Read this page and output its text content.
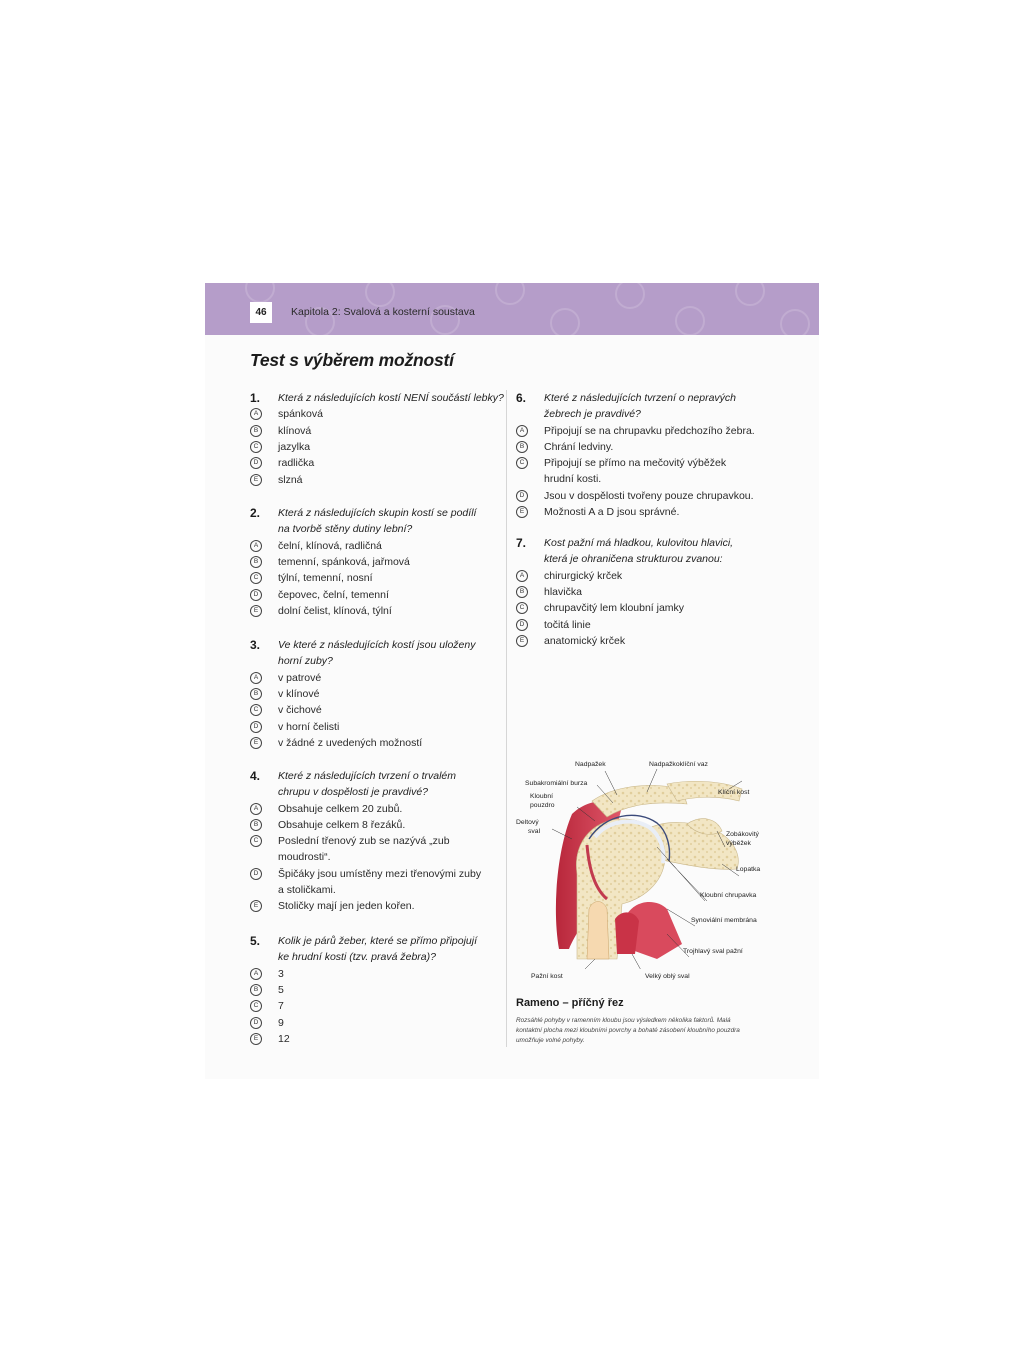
46	Kapitola 2: Svalová a kosterní soustava
Test s výběrem možností
1. Která z následujících kostí NENÍ součástí lebky?
A	spánková
B	klínová
C	jazylka
D	radlička
E	slzná
2. Která z následujících skupin kostí se podílí
na tvorbě stěny dutiny lební?
A	čelní, klínová, radličná
B	temenní, spánková, jařmová
C	týlní, temenní, nosní
D	čepovec, čelní, temenní
E	dolní čelist, klínová, týlní
3. Ve které z následujících kostí jsou uloženy
horní zuby?
A	v patrové
B	v klínové
C	v čichové
D	v horní čelisti
E	v žádné z uvedených možností
4. Které z následujících tvrzení o trvalém
chrupu v dospělosti je pravdivé?
A	Obsahuje celkem 20 zubů.
B	Obsahuje celkem 8 řezáků.
C	Poslední třenový zub se nazývá „zub
moudrosti“.
D	Špičáky jsou umístěny mezi třenovými zuby
a stoličkami.
E	Stoličky mají jen jeden kořen.
5. Kolik je párů žeber, které se přímo připojují
ke hrudní kosti (tzv. pravá žebra)?
A	3
B	5
C	7
D	9
E	12
6. Které z následujících tvrzení o nepravých
žebrech je pravdivé?
A	Připojují se na chrupavku předchozího žebra.
B	Chrání ledviny.
C	Připojují se přímo na mečovitý výběžek
hrudní kosti.
D	Jsou v dospělosti tvořeny pouze chrupavkou.
E	Možnosti A a D jsou správné.
7. Kost pažní má hladkou, kulovitou hlavici,
která je ohraničena strukturou zvanou:
A	chirurgický krček
B	hlavička
C	chrupavčitý lem kloubní jamky
D	točitá linie
E	anatomický krček
Nadpažek	Nadpažkoklíční vaz
Subakromiální burza
Klíční kost
Kloubní
pouzdro
Deltový
sval	Zobákovitý
výběžek
Lopatka
Kloubní chrupavka
Synoviální membrána
Trojhlavý sval pažní
Pažní kost	Velký oblý sval
Rameno – příčný řez
Rozsáhlé pohyby v ramenním kloubu jsou výsledkem několika faktorů. Malá
kontaktní plocha mezi kloubními povrchy a bohaté zásobení kloubního pouzdra
umožňuje volné pohyby.
